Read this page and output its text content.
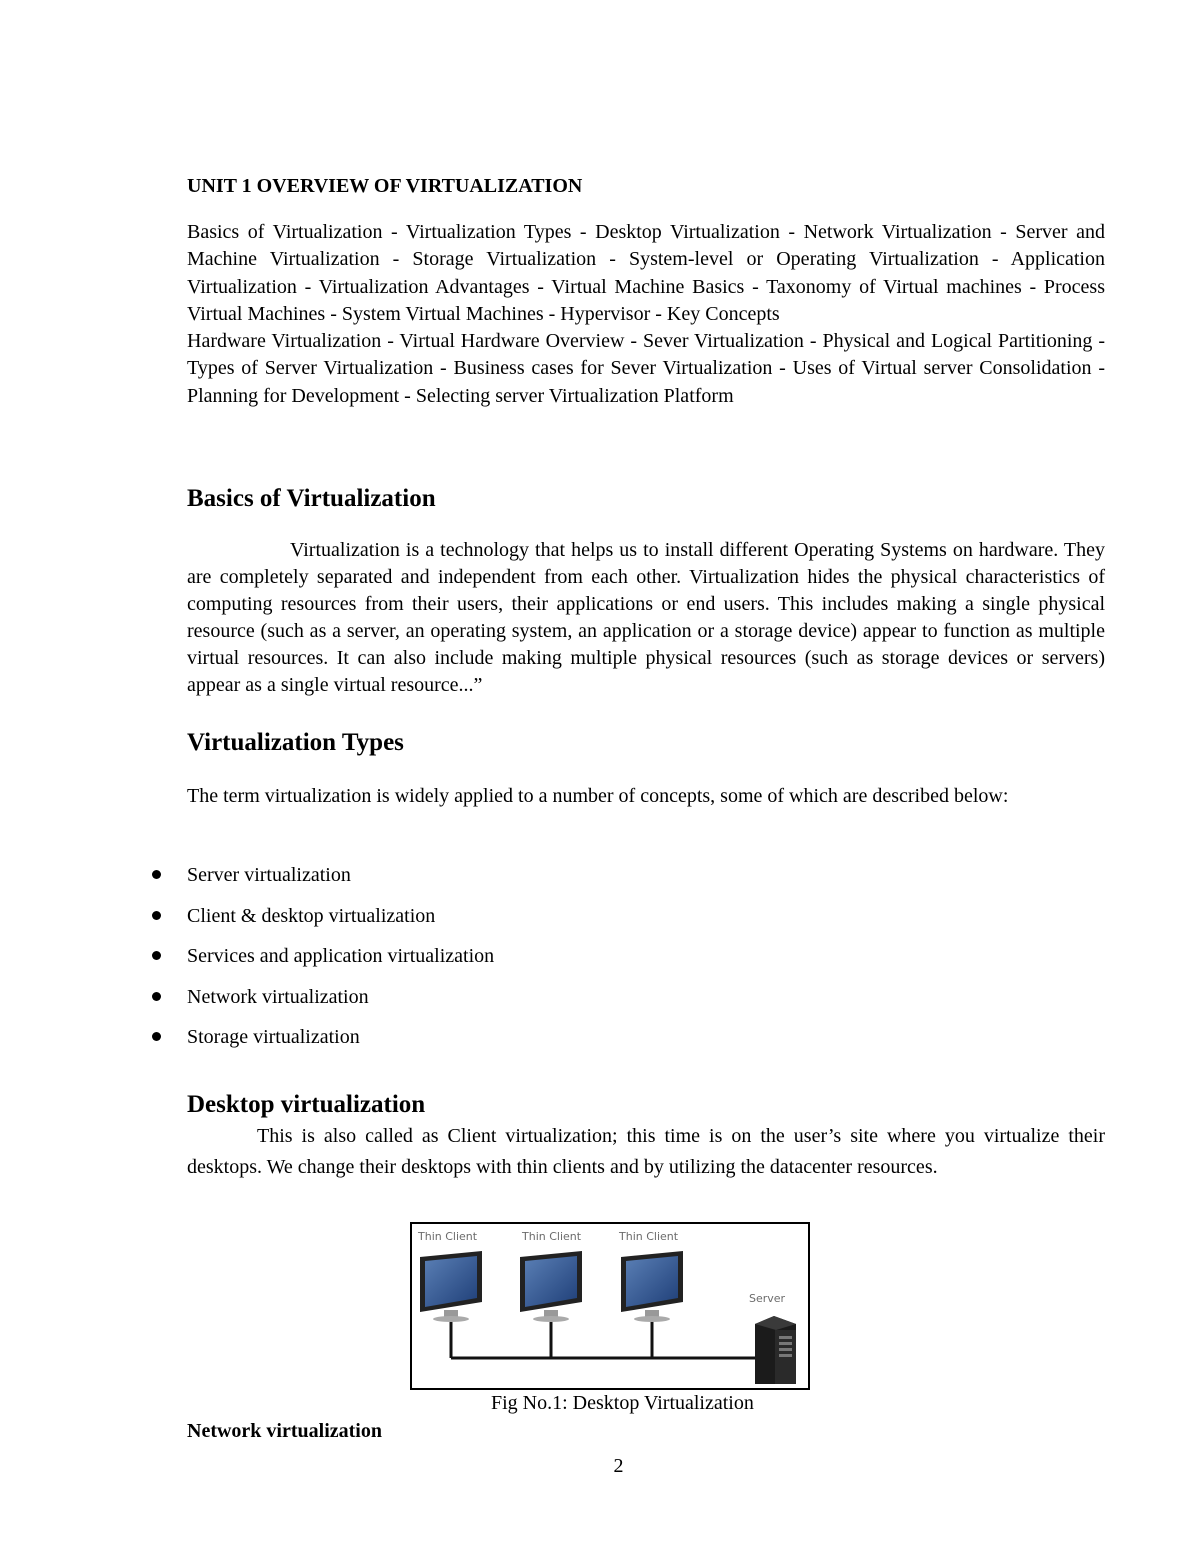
UNIT 1 OVERVIEW OF VIRTUALIZATION

Basics of Virtualization - Virtualization Types - Desktop Virtualization - Network Virtualization - Server and Machine Virtualization - Storage Virtualization - System-level or Operating Virtualization - Application Virtualization - Virtualization Advantages - Virtual Machine Basics - Taxonomy of Virtual machines - Process Virtual Machines - System Virtual Machines - Hypervisor - Key Concepts

Hardware Virtualization - Virtual Hardware Overview - Sever Virtualization - Physical and Logical Partitioning - Types of Server Virtualization - Business cases for Sever Virtualization - Uses of Virtual server Consolidation - Planning for Development - Selecting server Virtualization Platform

Basics of Virtualization

Virtualization is a technology that helps us to install different Operating Systems on hardware. They are completely separated and independent from each other. Virtualization hides the physical characteristics of computing resources from their users, their applications or end users. This includes making a single physical resource (such as a server, an operating system, an application or a storage device) appear to function as multiple virtual resources. It can also include making multiple physical resources (such as storage devices or servers) appear as a single virtual resource...”

Virtualization Types

The term virtualization is widely applied to a number of concepts, some of which are described below:

Server virtualization
Client & desktop virtualization
Services and application virtualization
Network virtualization
Storage virtualization
Desktop virtualization

This is also called as Client virtualization; this time is on the user’s site where you virtualize their desktops. We change their desktops with thin clients and by utilizing the datacenter resources.

Thin Client	Thin Client	Thin Client
Server

Fig No.1: Desktop Virtualization

Network virtualization

2
